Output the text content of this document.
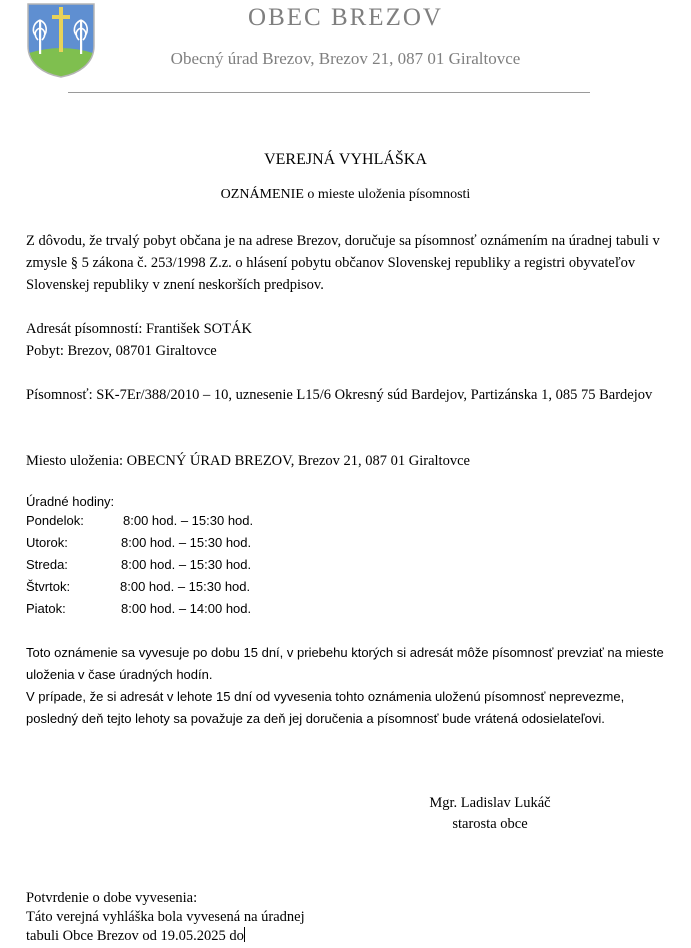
OBEC BREZOV
Obecný úrad Brezov, Brezov 21, 087 01 Giraltovce
VEREJNÁ VYHLÁŠKA
OZNÁMENIE o mieste uloženia písomnosti
Z dôvodu, že trvalý pobyt občana je na adrese Brezov, doručuje sa písomnosť oznámením na úradnej tabuli v zmysle § 5 zákona č. 253/1998 Z.z. o hlásení pobytu občanov Slovenskej republiky a registri obyvateľov Slovenskej republiky v znení neskorších predpisov.
Adresát písomností: František SOTÁK
Pobyt: Brezov, 08701 Giraltovce
Písomnosť: SK-7Er/388/2010 – 10, uznesenie L15/6 Okresný súd Bardejov, Partizánska 1, 085 75 Bardejov
Miesto uloženia: OBECNÝ ÚRAD BREZOV, Brezov 21, 087 01 Giraltovce
Úradné hodiny:
Pondelok:	8:00 hod. – 15:30 hod.
Utorok:	8:00 hod. – 15:30 hod.
Streda:	8:00 hod. – 15:30 hod.
Štvrtok:	8:00 hod. – 15:30 hod.
Piatok:	8:00 hod. – 14:00 hod.
Toto oznámenie sa vyvesuje po dobu 15 dní, v priebehu ktorých si adresát môže písomnosť prevziať na mieste uloženia v čase úradných hodín.
V prípade, že si adresát v lehote 15 dní od vyvesenia tohto oznámenia uloženú písomnosť neprevezme, posledný deň tejto lehoty sa považuje za deň jej doručenia a písomnosť bude vrátená odosielateľovi.
Mgr. Ladislav Lukáč
starosta obce
Potvrdenie o dobe vyvesenia:
Táto verejná vyhláška bola vyvesená na úradnej
tabuli Obce Brezov od 19.05.2025 do
